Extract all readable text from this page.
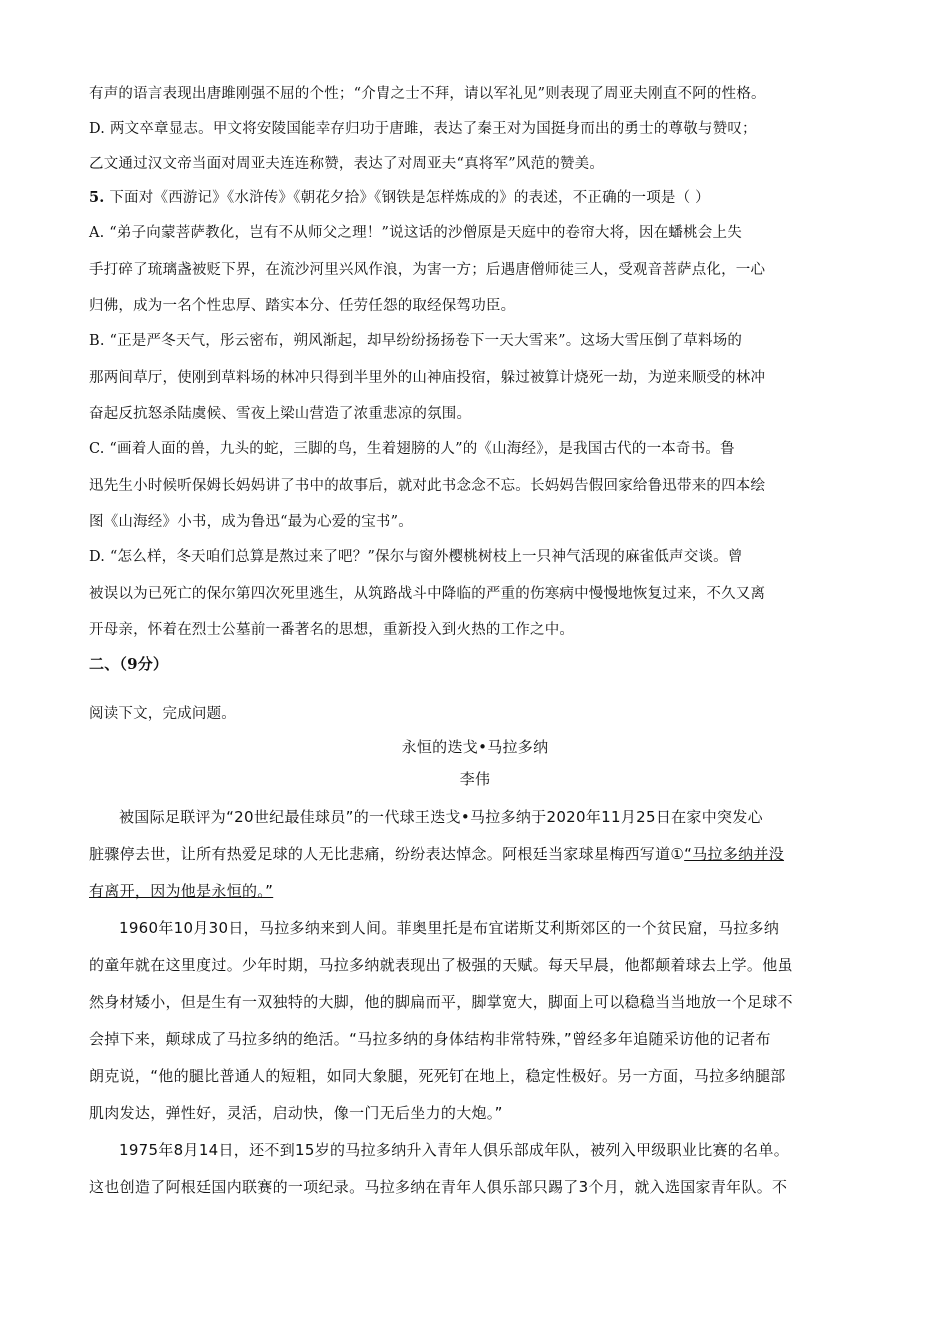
有声的语言表现出唐雎刚强不屈的个性；“介胄之士不拜，请以军礼见”则表现了周亚夫刚直不阿的性格。
D. 两文卒章显志。甲文将安陵国能幸存归功于唐雎，表达了秦王对为国挺身而出的勇士的尊敬与赞叹；
乙文通过汉文帝当面对周亚夫连连称赞，表达了对周亚夫“真将军”风范的赞美。
5. 下面对《西游记》《水浒传》《朝花夕拾》《钢铁是怎样炼成的》的表述，不正确的一项是（ ）
A. “弟子向蒙菩萨教化，岂有不从师父之理！”说这话的沙僧原是天庭中的卷帘大将，因在蟠桃会上失
手打碎了琉璃盏被贬下界，在流沙河里兴风作浪，为害一方；后遇唐僧师徒三人，受观音菩萨点化，一心
归佛，成为一名个性忠厚、踏实本分、任劳任怨的取经保驾功臣。
B. “正是严冬天气，彤云密布，朔风渐起，却早纷纷扬扬卷下一天大雪来”。这场大雪压倒了草料场的
那两间草厅，使刚到草料场的林冲只得到半里外的山神庙投宿，躲过被算计烧死一劫，为逆来顺受的林冲
奋起反抗怒杀陆虞候、雪夜上梁山营造了浓重悲凉的氛围。
C. “画着人面的兽，九头的蛇，三脚的鸟，生着翅膀的人”的《山海经》，是我国古代的一本奇书。鲁
迅先生小时候听保姆长妈妈讲了书中的故事后，就对此书念念不忘。长妈妈告假回家给鲁迅带来的四本绘
图《山海经》小书，成为鲁迅“最为心爱的宝书”。
D. “怎么样，冬天咱们总算是熬过来了吧？”保尔与窗外樱桃树枝上一只神气活现的麻雀低声交谈。曾
被误以为已死亡的保尔第四次死里逃生，从筑路战斗中降临的严重的伤寒病中慢慢地恢复过来，不久又离
开母亲，怀着在烈士公墓前一番著名的思想，重新投入到火热的工作之中。
二、（9分）
阅读下文，完成问题。
永恒的迭戈•马拉多纳
李伟
被国际足联评为“20世纪最佳球员”的一代球王迭戈•马拉多纳于2020年11月25日在家中突发心
脏骤停去世，让所有热爱足球的人无比悲痛，纷纷表达悼念。阿根廷当家球星梅西写道①“马拉多纳并没
有离开，因为他是永恒的。”
1960年10月30日，马拉多纳来到人间。菲奥里托是布宜诺斯艾利斯郊区的一个贫民窟，马拉多纳
的童年就在这里度过。少年时期，马拉多纳就表现出了极强的天赋。每天早晨，他都颠着球去上学。他虽
然身材矮小，但是生有一双独特的大脚，他的脚扁而平，脚掌宽大，脚面上可以稳稳当当地放一个足球不
会掉下来，颠球成了马拉多纳的绝活。“马拉多纳的身体结构非常特殊，”曾经多年追随采访他的记者布
朗克说，“他的腿比普通人的短粗，如同大象腿，死死钉在地上，稳定性极好。另一方面，马拉多纳腿部
肌肉发达，弹性好，灵活，启动快，像一门无后坐力的大炮。”
1975年8月14日，还不到15岁的马拉多纳升入青年人俱乐部成年队，被列入甲级职业比赛的名单。
这也创造了阿根廷国内联赛的一项纪录。马拉多纳在青年人俱乐部只踢了3个月，就入选国家青年队。不
